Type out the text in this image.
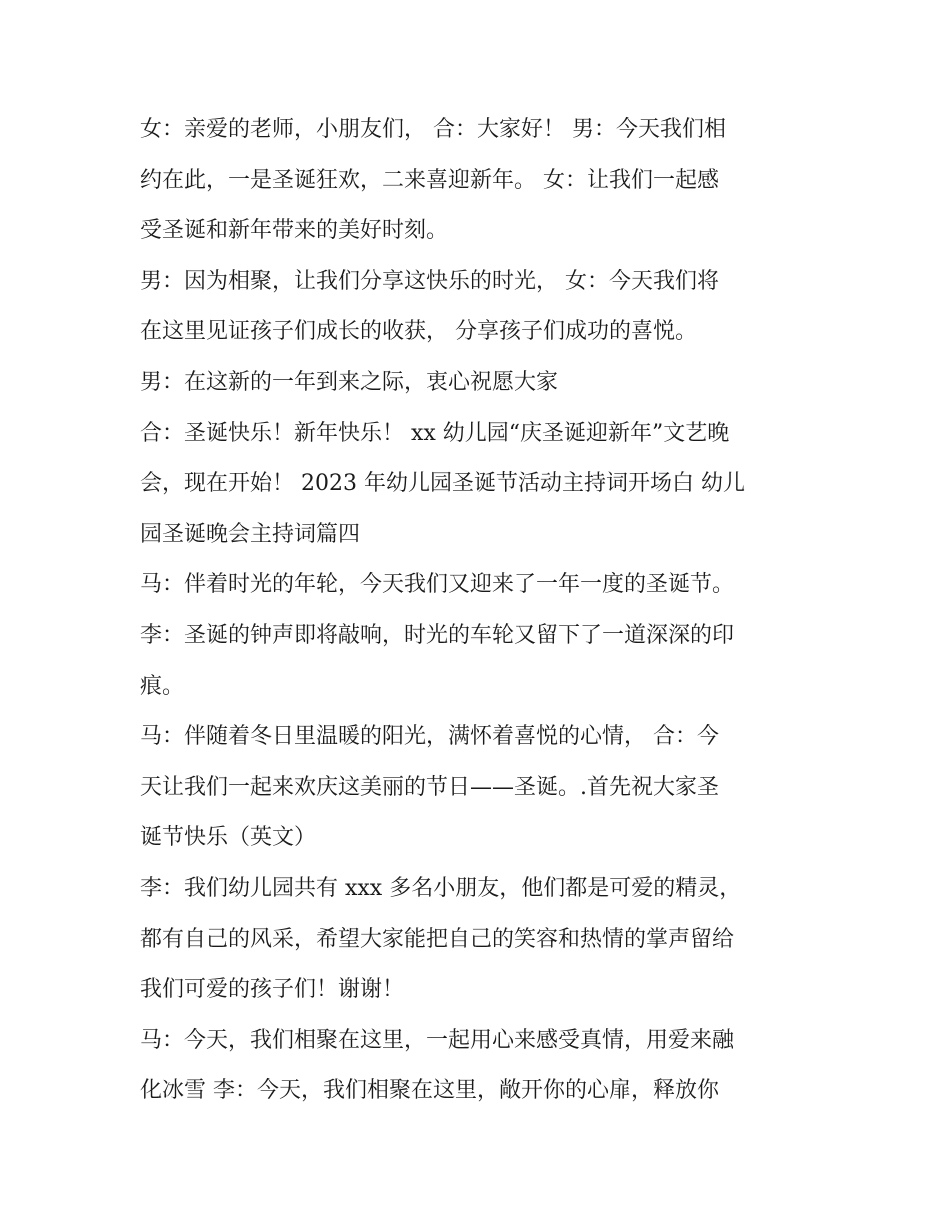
女：亲爱的老师，小朋友们， 合：大家好！ 男：今天我们相
约在此，一是圣诞狂欢，二来喜迎新年。 女：让我们一起感
受圣诞和新年带来的美好时刻。
男：因为相聚，让我们分享这快乐的时光， 女：今天我们将
在这里见证孩子们成长的收获， 分享孩子们成功的喜悦。
男：在这新的一年到来之际，衷心祝愿大家
合：圣诞快乐！新年快乐！ xx 幼儿园“庆圣诞迎新年”文艺晚
会，现在开始！ 2023 年幼儿园圣诞节活动主持词开场白 幼儿
园圣诞晚会主持词篇四
马：伴着时光的年轮，今天我们又迎来了一年一度的圣诞节。
李：圣诞的钟声即将敲响，时光的车轮又留下了一道深深的印
痕。
马：伴随着冬日里温暖的阳光，满怀着喜悦的心情， 合：今
天让我们一起来欢庆这美丽的节日——圣诞。.首先祝大家圣
诞节快乐（英文）
李：我们幼儿园共有 xxx 多名小朋友，他们都是可爱的精灵，
都有自己的风采，希望大家能把自己的笑容和热情的掌声留给
我们可爱的孩子们！谢谢！
马：今天，我们相聚在这里，一起用心来感受真情，用爱来融
化冰雪 李：今天，我们相聚在这里，敞开你的心扉，释放你
